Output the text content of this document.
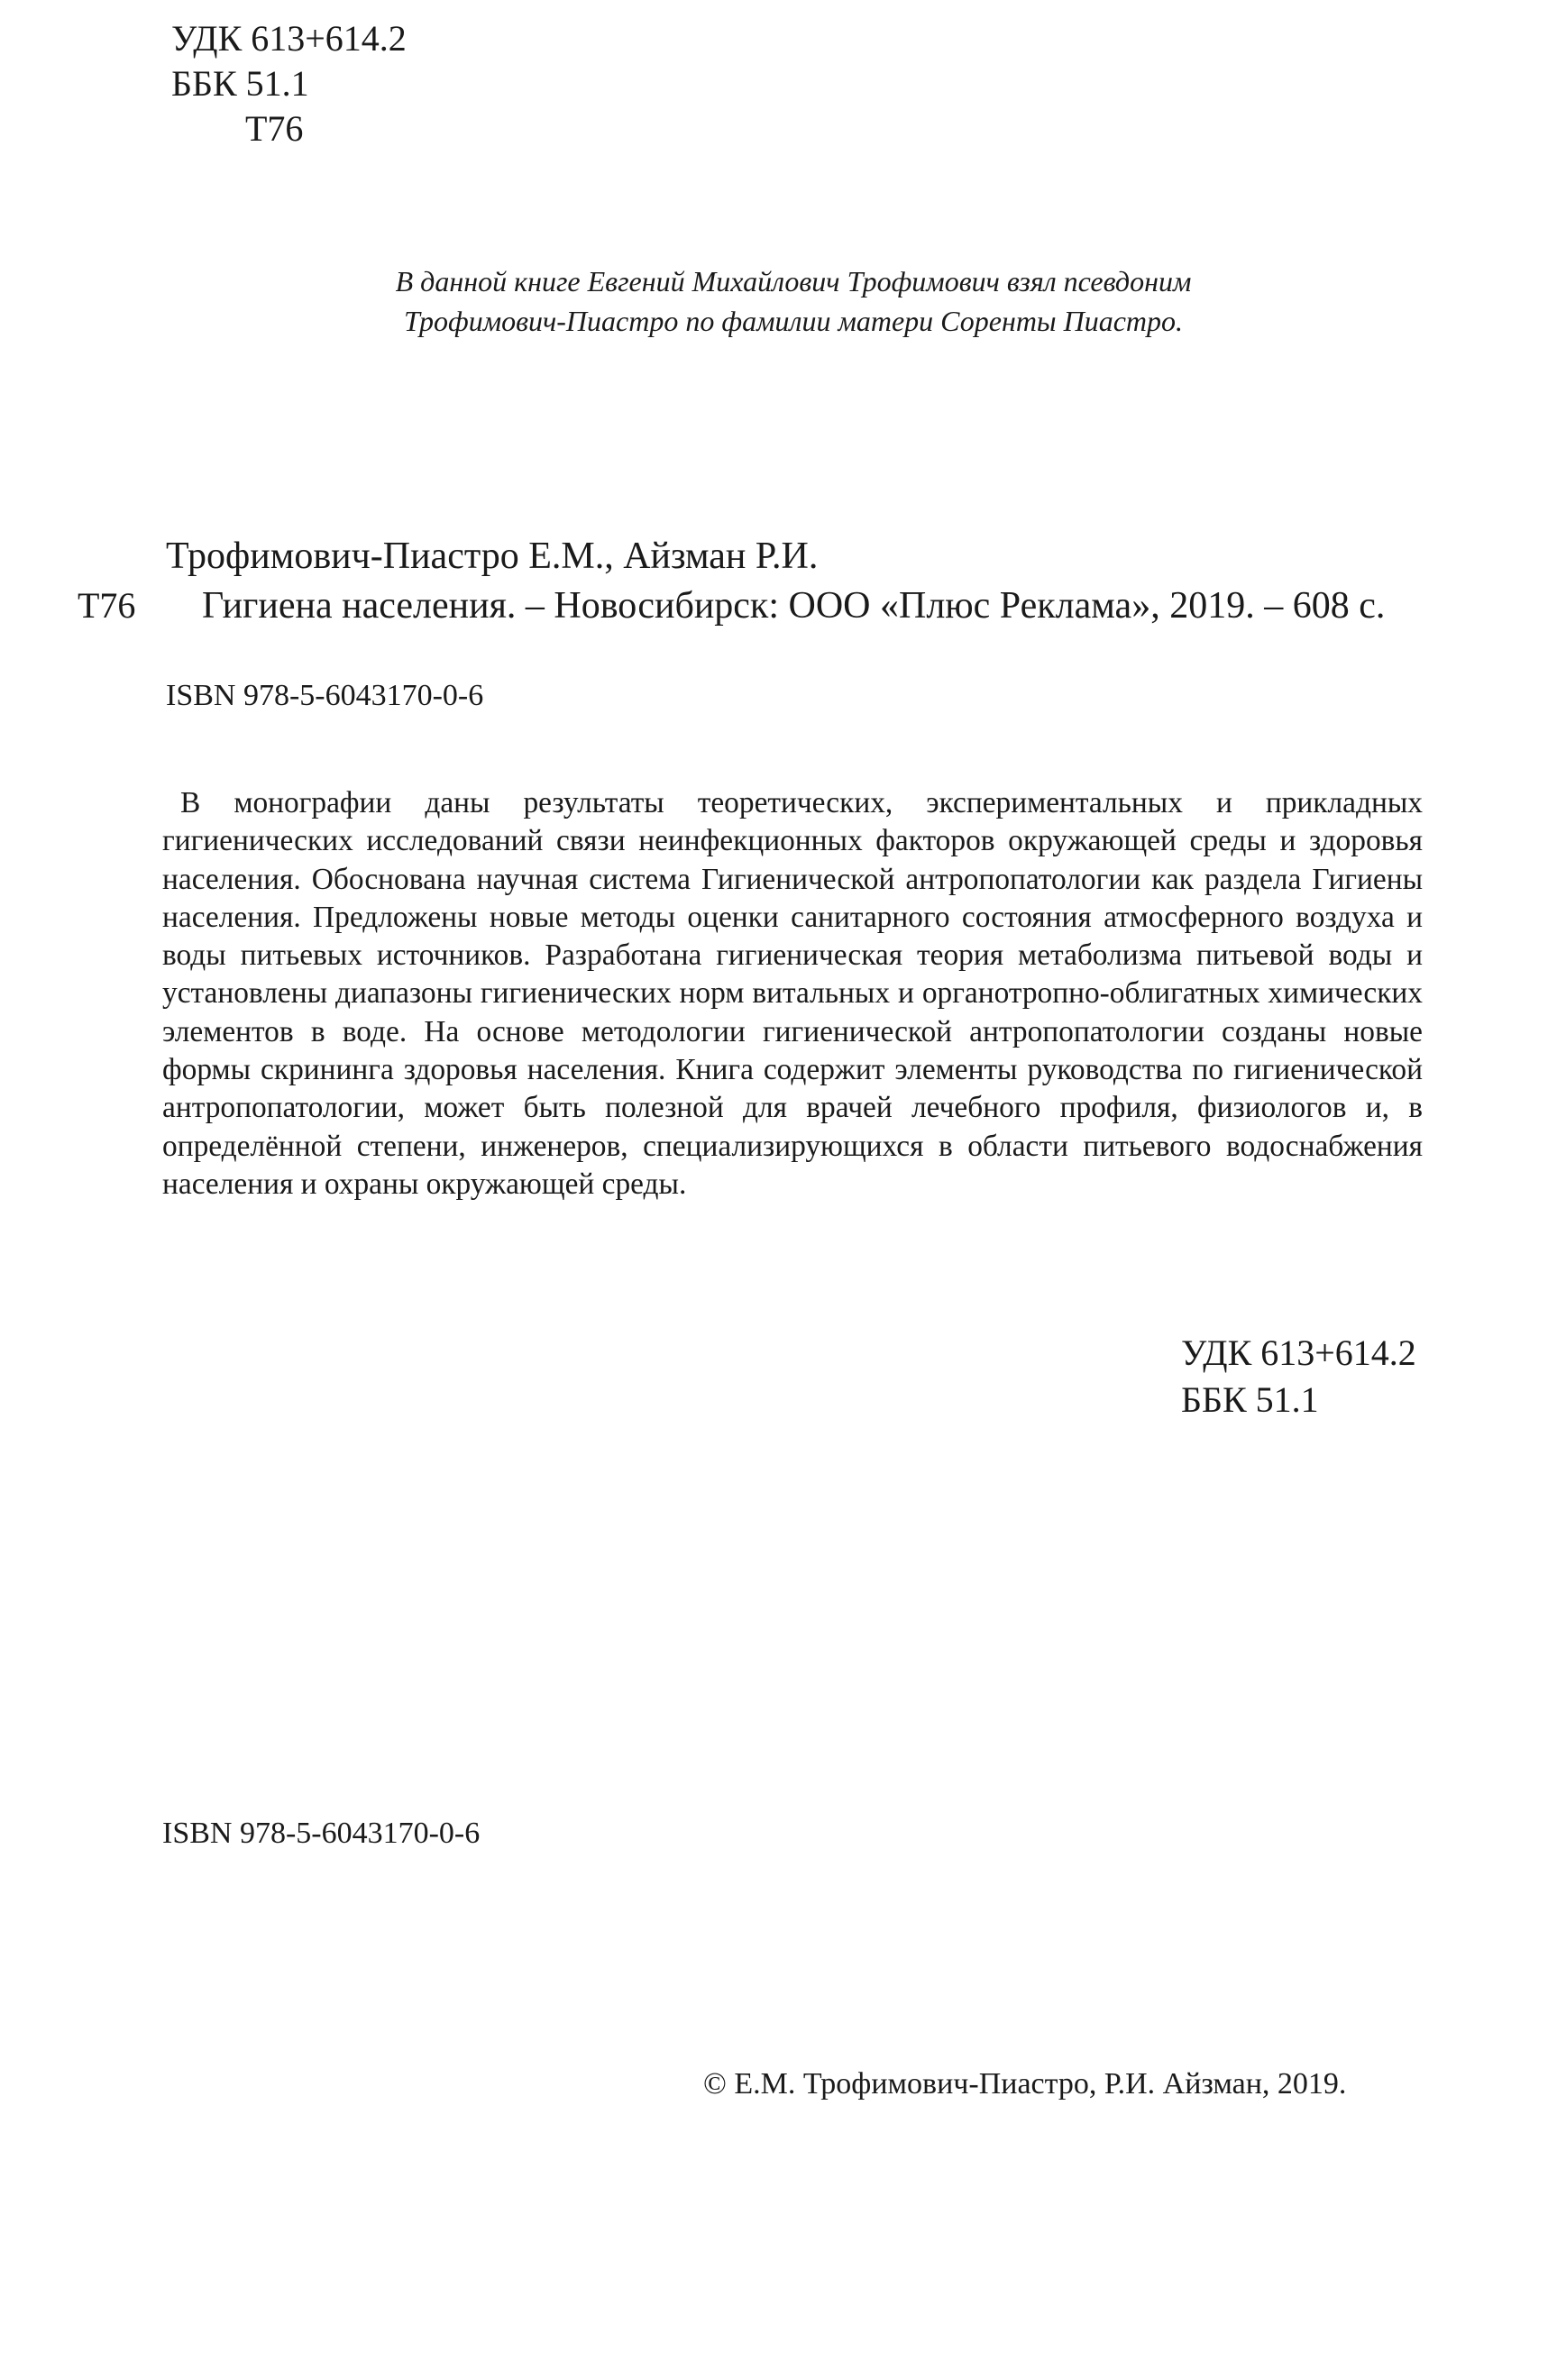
УДК 613+614.2
ББК 51.1
Т76
В данной книге Евгений Михайлович Трофимович взял псевдоним
Трофимович-Пиастро по фамилии матери Соренты Пиастро.

Трофимович-Пиастро Е.М., Айзман Р.И.

Т76 Гигиена населения. – Новосибирск: ООО «Плюс Реклама», 2019. – 608 с.

ISBN 978-5-6043170-0-6

В монографии даны результаты теоретических, экспериментальных и прикладных гигиенических исследований связи неинфекционных факторов окружающей среды и здоровья населения. Обоснована научная система Гигиенической антропопатологии как раздела Гигиены населения. Предложены новые методы оценки санитарного состояния атмосферного воздуха и воды питьевых источников. Разработана гигиеническая теория метаболизма питьевой воды и установлены диапазоны гигиенических норм витальных и органотропно-облигатных химических элементов в воде. На основе методологии гигиенической антропопатологии созданы новые формы скрининга здоровья населения. Книга содержит элементы руководства по гигиенической антропопатологии, может быть полезной для врачей лечебного профиля, физиологов и, в определённой степени, инженеров, специализирующихся в области питьевого водоснабжения населения и охраны окружающей среды.

УДК 613+614.2
ББК 51.1

ISBN 978-5-6043170-0-6

© Е.М. Трофимович-Пиастро, Р.И. Айзман, 2019.
